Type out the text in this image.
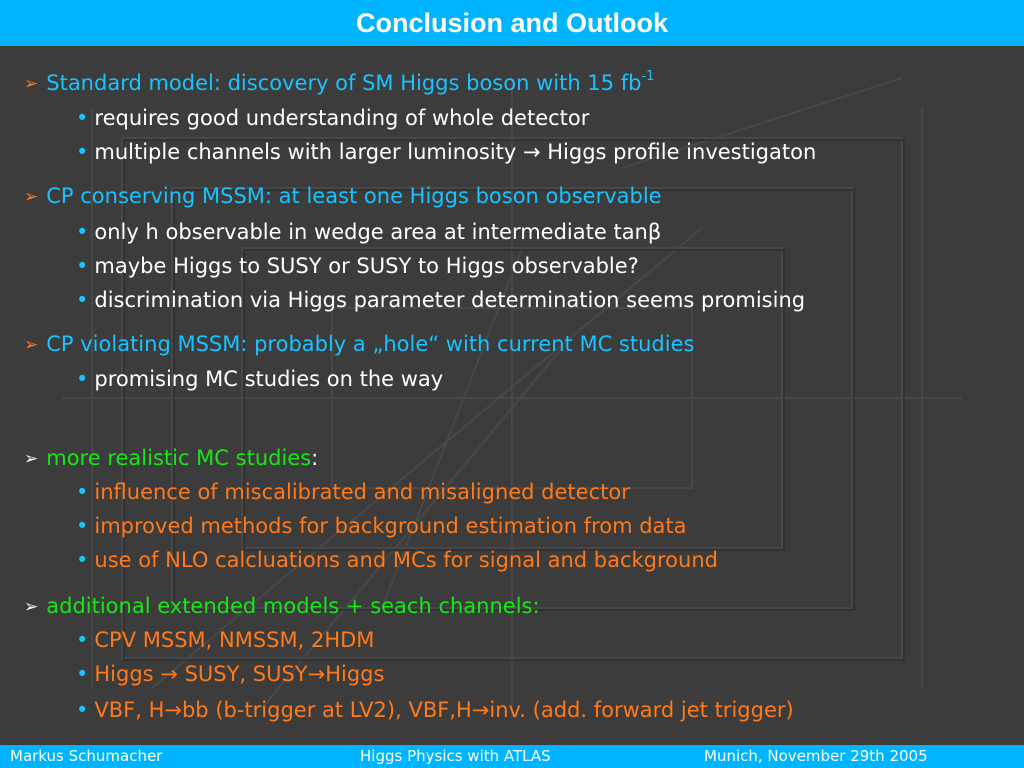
Conclusion and Outlook
➢ Standard model: discovery of SM Higgs boson with 15 $fb^{-1}$
• requires good understanding of whole detector
• multiple channels with larger luminosity → Higgs profile investigaton
➢ CP conserving MSSM: at least one Higgs boson observable
• only h observable in wedge area at intermediate tanβ
• maybe Higgs to SUSY or SUSY to Higgs observable?
• discrimination via Higgs parameter determination seems promising
➢ CP violating MSSM: probably a „hole“ with current MC studies
• promising MC studies on the way
➢ more realistic MC studies:
• influence of miscalibrated and misaligned detector
• improved methods for background estimation from data
• use of NLO calcluations and MCs for signal and background
➢ additional extended models + seach channels:
• CPV MSSM, NMSSM, 2HDM
• Higgs → SUSY, SUSY→Higgs
• VBF, H→bb (b-trigger at LV2), VBF,H→inv. (add. forward jet trigger)
Markus Schumacher	Higgs Physics with ATLAS	Munich, November 29th 2005
